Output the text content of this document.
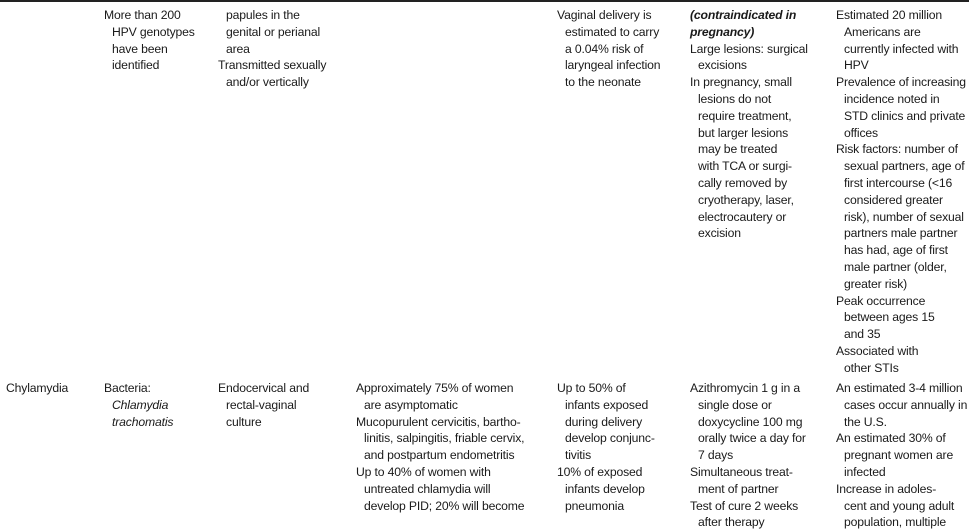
More than 200
HPV genotypes
have been
identified

papules in the
genital or perianal
area

Transmitted sexually
and/or vertically

Vaginal delivery is
estimated to carry
a 0.04% risk of
laryngeal infection
to the neonate

(contraindicated in
pregnancy)

Large lesions: surgical
excisions

In pregnancy, small
lesions do not
require treatment,
but larger lesions
may be treated
with TCA or surgi-
cally removed by
cryotherapy, laser,
electrocautery or
excision

Estimated 20 million
Americans are
currently infected with
HPV

Prevalence of increasing
incidence noted in
STD clinics and private
offices

Risk factors: number of
sexual partners, age of
first intercourse (<16
considered greater
risk), number of sexual
partners male partner
has had, age of first
male partner (older,
greater risk)

Peak occurrence
between ages 15
and 35

Associated with
other STIs

Chylamydia	Bacteria:

Chlamydia
trachomatis

Endocervical and
rectal-vaginal
culture

Approximately 75% of women
are asymptomatic

Mucopurulent cervicitis, bartho-
linitis, salpingitis, friable cervix,
and postpartum endometritis

Up to 40% of women with
untreated chlamydia will
develop PID; 20% will become

Up to 50% of
infants exposed
during delivery
develop conjunc-
tivitis

10% of exposed
infants develop
pneumonia

Azithromycin 1 g in a
single dose or
doxycycline 100 mg
orally twice a day for
7 days

Simultaneous treat-
ment of partner

Test of cure 2 weeks
after therapy

An estimated 3-4 million
cases occur annually in
the U.S.

An estimated 30% of
pregnant women are
infected

Increase in adoles-
cent and young adult
population, multiple
